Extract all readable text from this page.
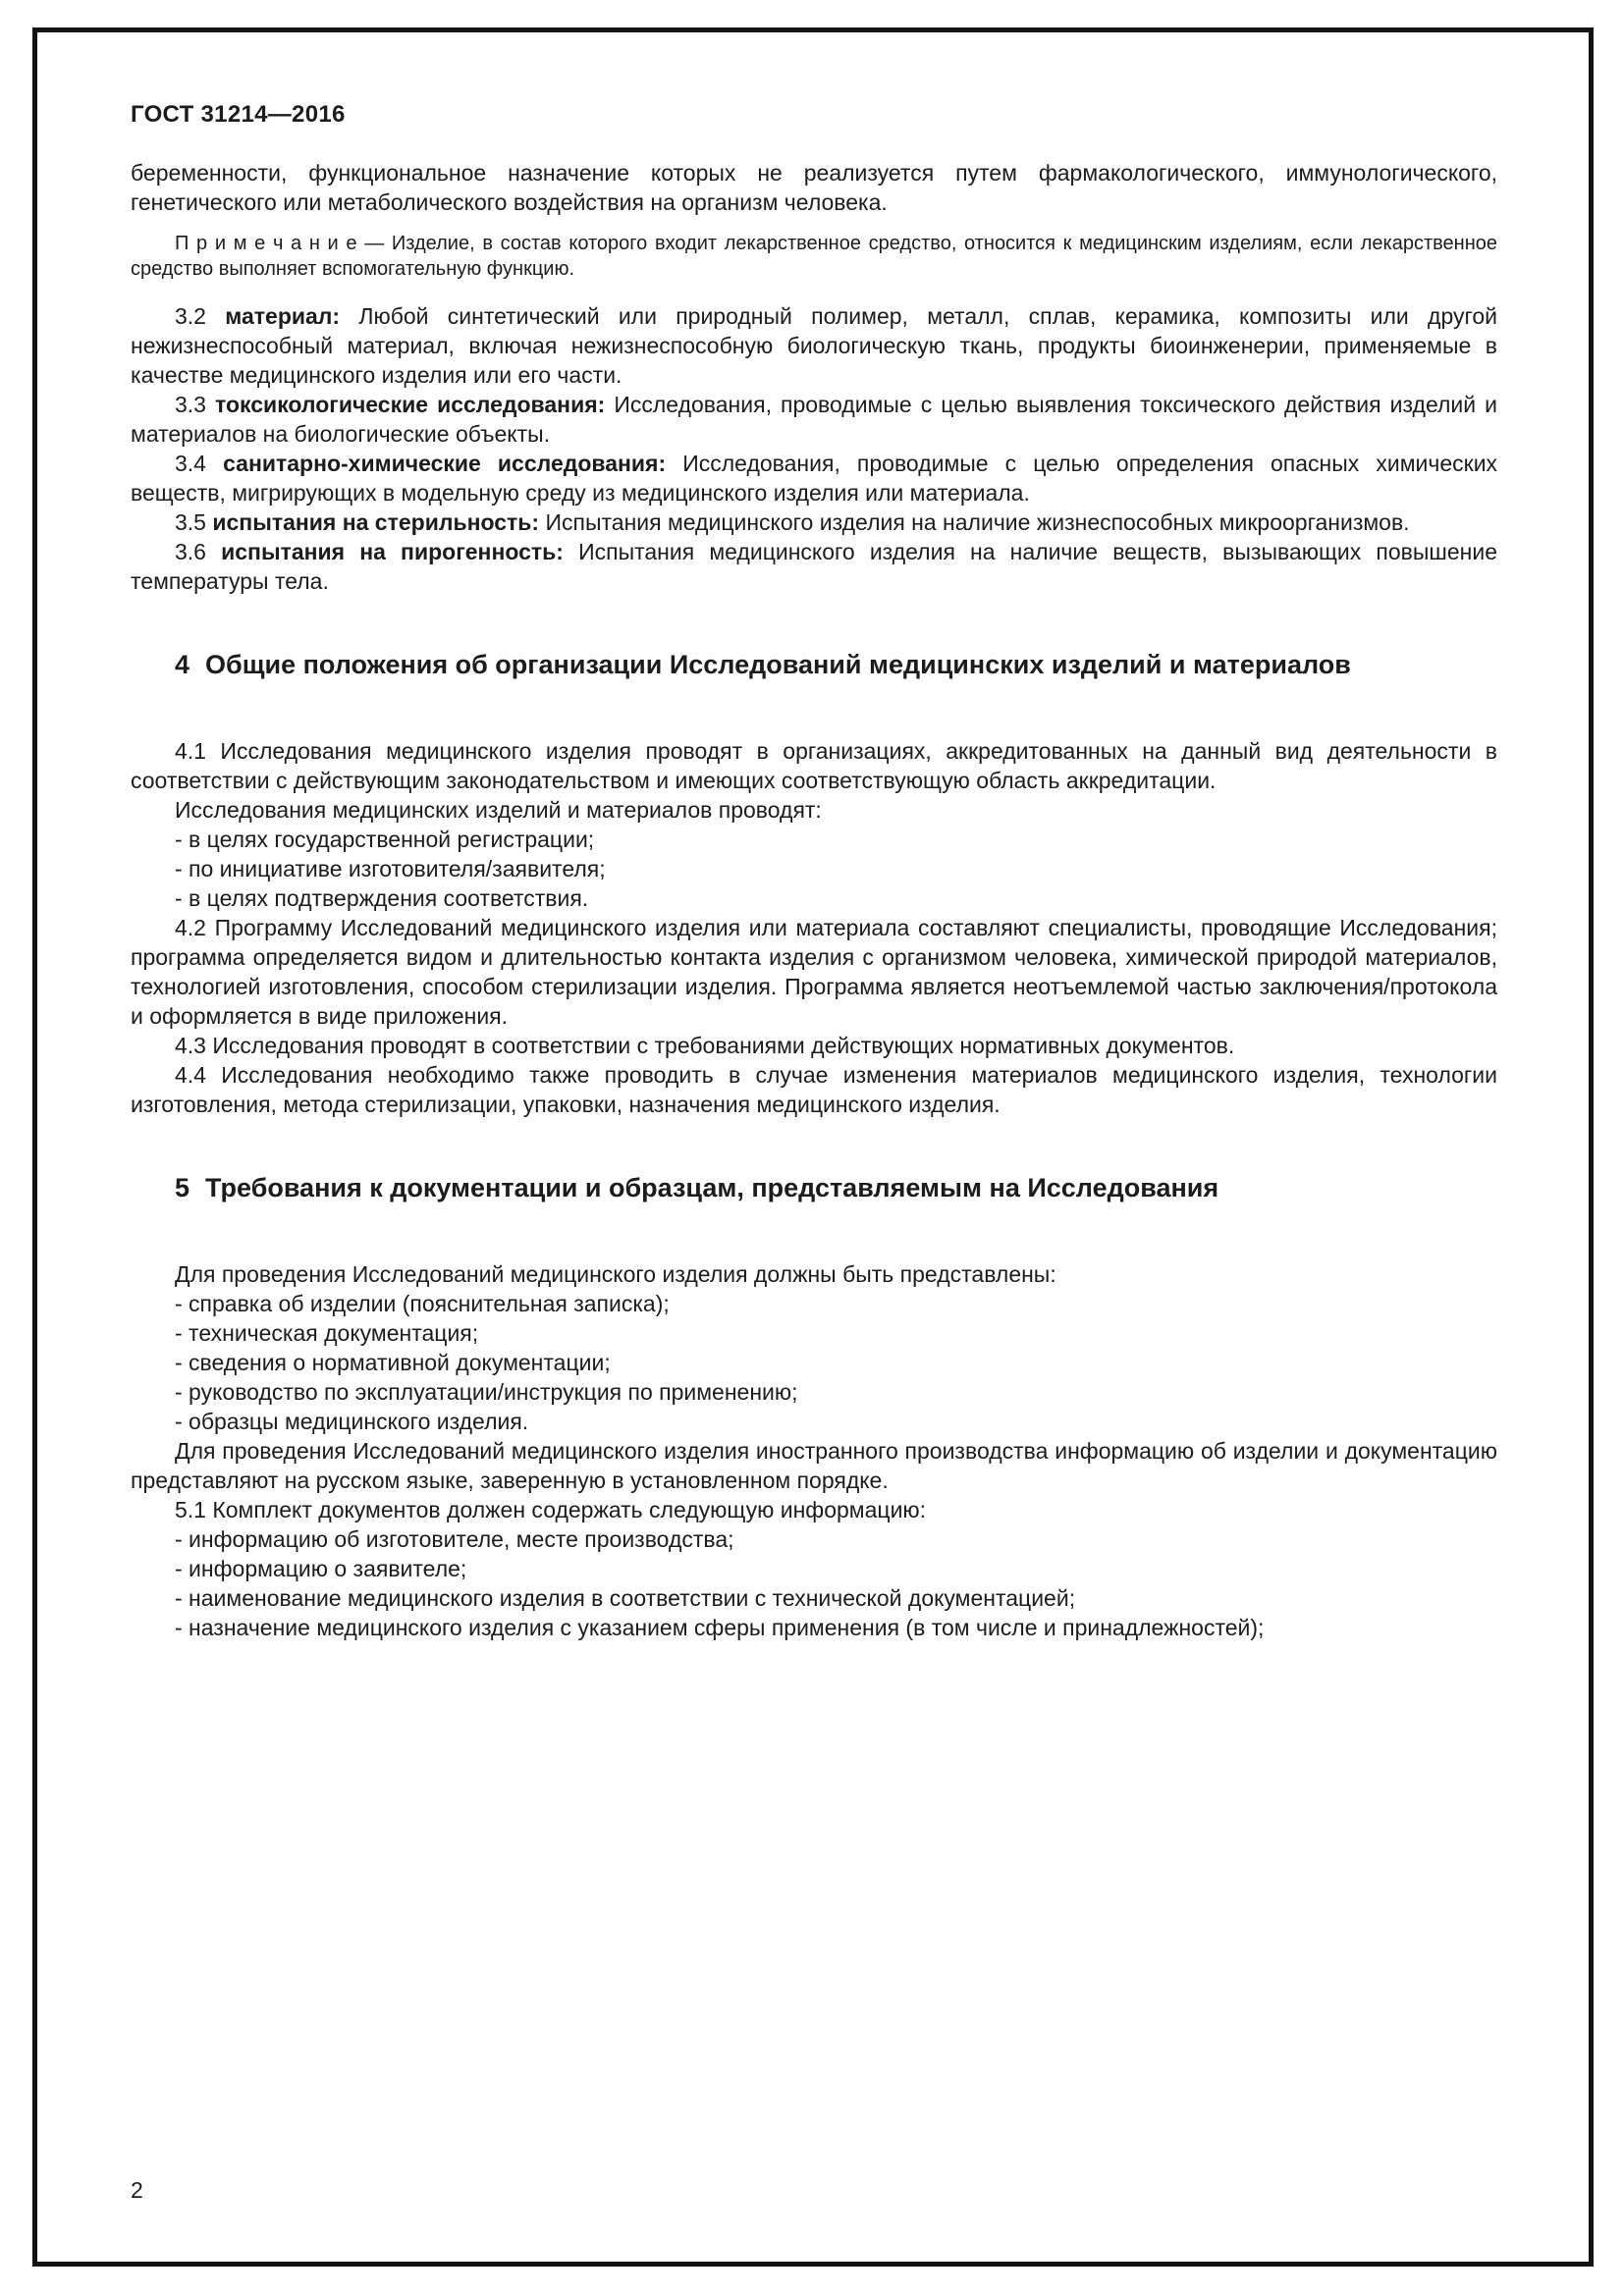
ГОСТ 31214—2016

беременности, функциональное назначение которых не реализуется путем фармакологического, иммунологического, генетического или метаболического воздействия на организм человека.

П р и м е ч а н и е — Изделие, в состав которого входит лекарственное средство, относится к медицинским изделиям, если лекарственное средство выполняет вспомогательную функцию.

3.2 материал: Любой синтетический или природный полимер, металл, сплав, керамика, композиты или другой нежизнеспособный материал, включая нежизнеспособную биологическую ткань, продукты биоинженерии, применяемые в качестве медицинского изделия или его части.

3.3 токсикологические исследования: Исследования, проводимые с целью выявления токсического действия изделий и материалов на биологические объекты.

3.4 санитарно-химические исследования: Исследования, проводимые с целью определения опасных химических веществ, мигрирующих в модельную среду из медицинского изделия или материала.

3.5 испытания на стерильность: Испытания медицинского изделия на наличие жизнеспособных микроорганизмов.

3.6 испытания на пирогенность: Испытания медицинского изделия на наличие веществ, вызывающих повышение температуры тела.

4 Общие положения об организации Исследований медицинских изделий и материалов

4.1 Исследования медицинского изделия проводят в организациях, аккредитованных на данный вид деятельности в соответствии с действующим законодательством и имеющих соответствующую область аккредитации.

Исследования медицинских изделий и материалов проводят:

- в целях государственной регистрации;

- по инициативе изготовителя/заявителя;

- в целях подтверждения соответствия.

4.2 Программу Исследований медицинского изделия или материала составляют специалисты, проводящие Исследования; программа определяется видом и длительностью контакта изделия с организмом человека, химической природой материалов, технологией изготовления, способом стерилизации изделия. Программа является неотъемлемой частью заключения/протокола и оформляется в виде приложения.

4.3 Исследования проводят в соответствии с требованиями действующих нормативных документов.

4.4 Исследования необходимо также проводить в случае изменения материалов медицинского изделия, технологии изготовления, метода стерилизации, упаковки, назначения медицинского изделия.

5 Требования к документации и образцам, представляемым на Исследования

Для проведения Исследований медицинского изделия должны быть представлены:

- справка об изделии (пояснительная записка);

- техническая документация;

- сведения о нормативной документации;

- руководство по эксплуатации/инструкция по применению;

- образцы медицинского изделия.

Для проведения Исследований медицинского изделия иностранного производства информацию об изделии и документацию представляют на русском языке, заверенную в установленном порядке.

5.1 Комплект документов должен содержать следующую информацию:

- информацию об изготовителе, месте производства;

- информацию о заявителе;

- наименование медицинского изделия в соответствии с технической документацией;

- назначение медицинского изделия с указанием сферы применения (в том числе и принадлежностей);

2
